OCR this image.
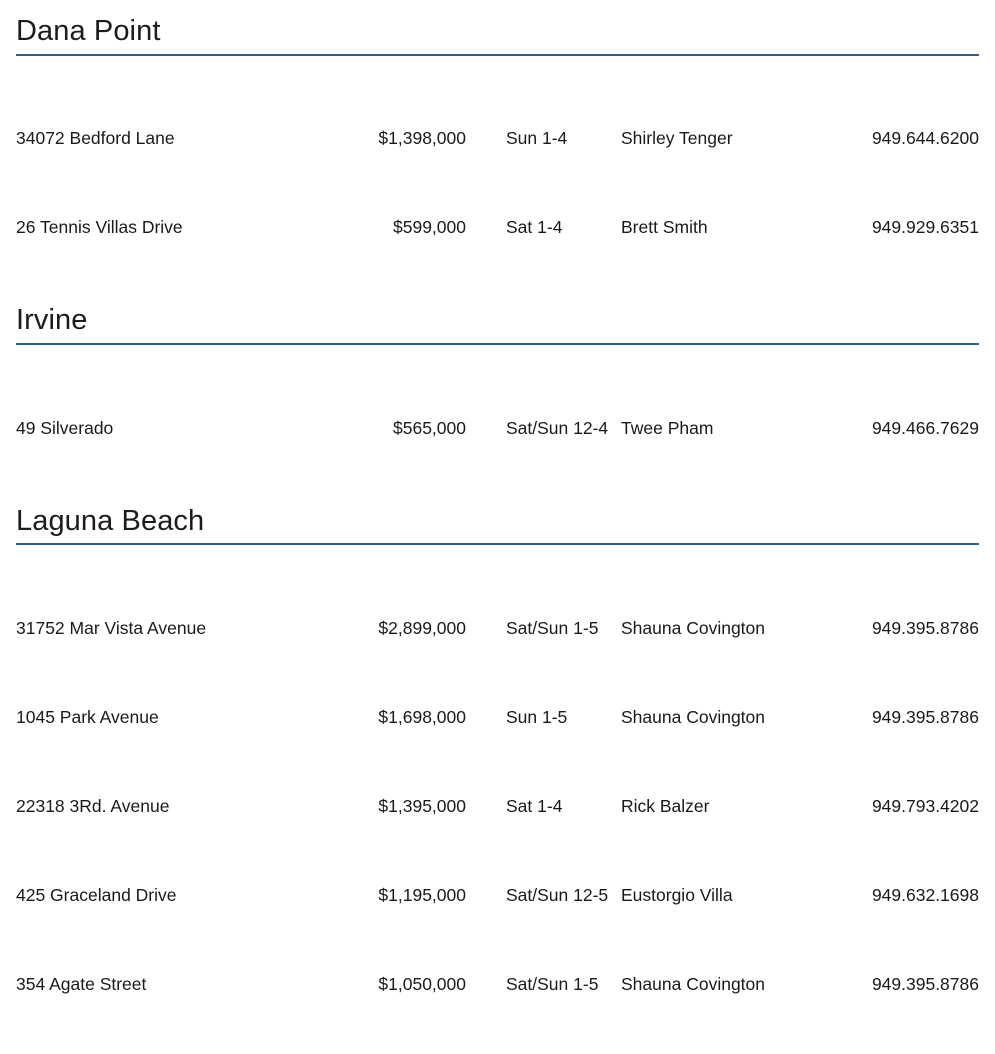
Dana Point
34072 Bedford Lane	$1,398,000	Sun 1-4	Shirley Tenger	949.644.6200
26 Tennis Villas Drive	$599,000	Sat 1-4	Brett Smith	949.929.6351
Irvine
49 Silverado	$565,000	Sat/Sun 12-4 Twee Pham	949.466.7629
Laguna Beach
31752 Mar Vista Avenue	$2,899,000	Sat/Sun 1-5	Shauna Covington	949.395.8786
1045 Park Avenue	$1,698,000	Sun 1-5	Shauna Covington	949.395.8786
22318 3Rd. Avenue	$1,395,000	Sat 1-4	Rick Balzer	949.793.4202
425 Graceland Drive	$1,195,000	Sat/Sun 12-5 Eustorgio Villa	949.632.1698
354 Agate Street	$1,050,000	Sat/Sun 1-5	Shauna Covington	949.395.8786
